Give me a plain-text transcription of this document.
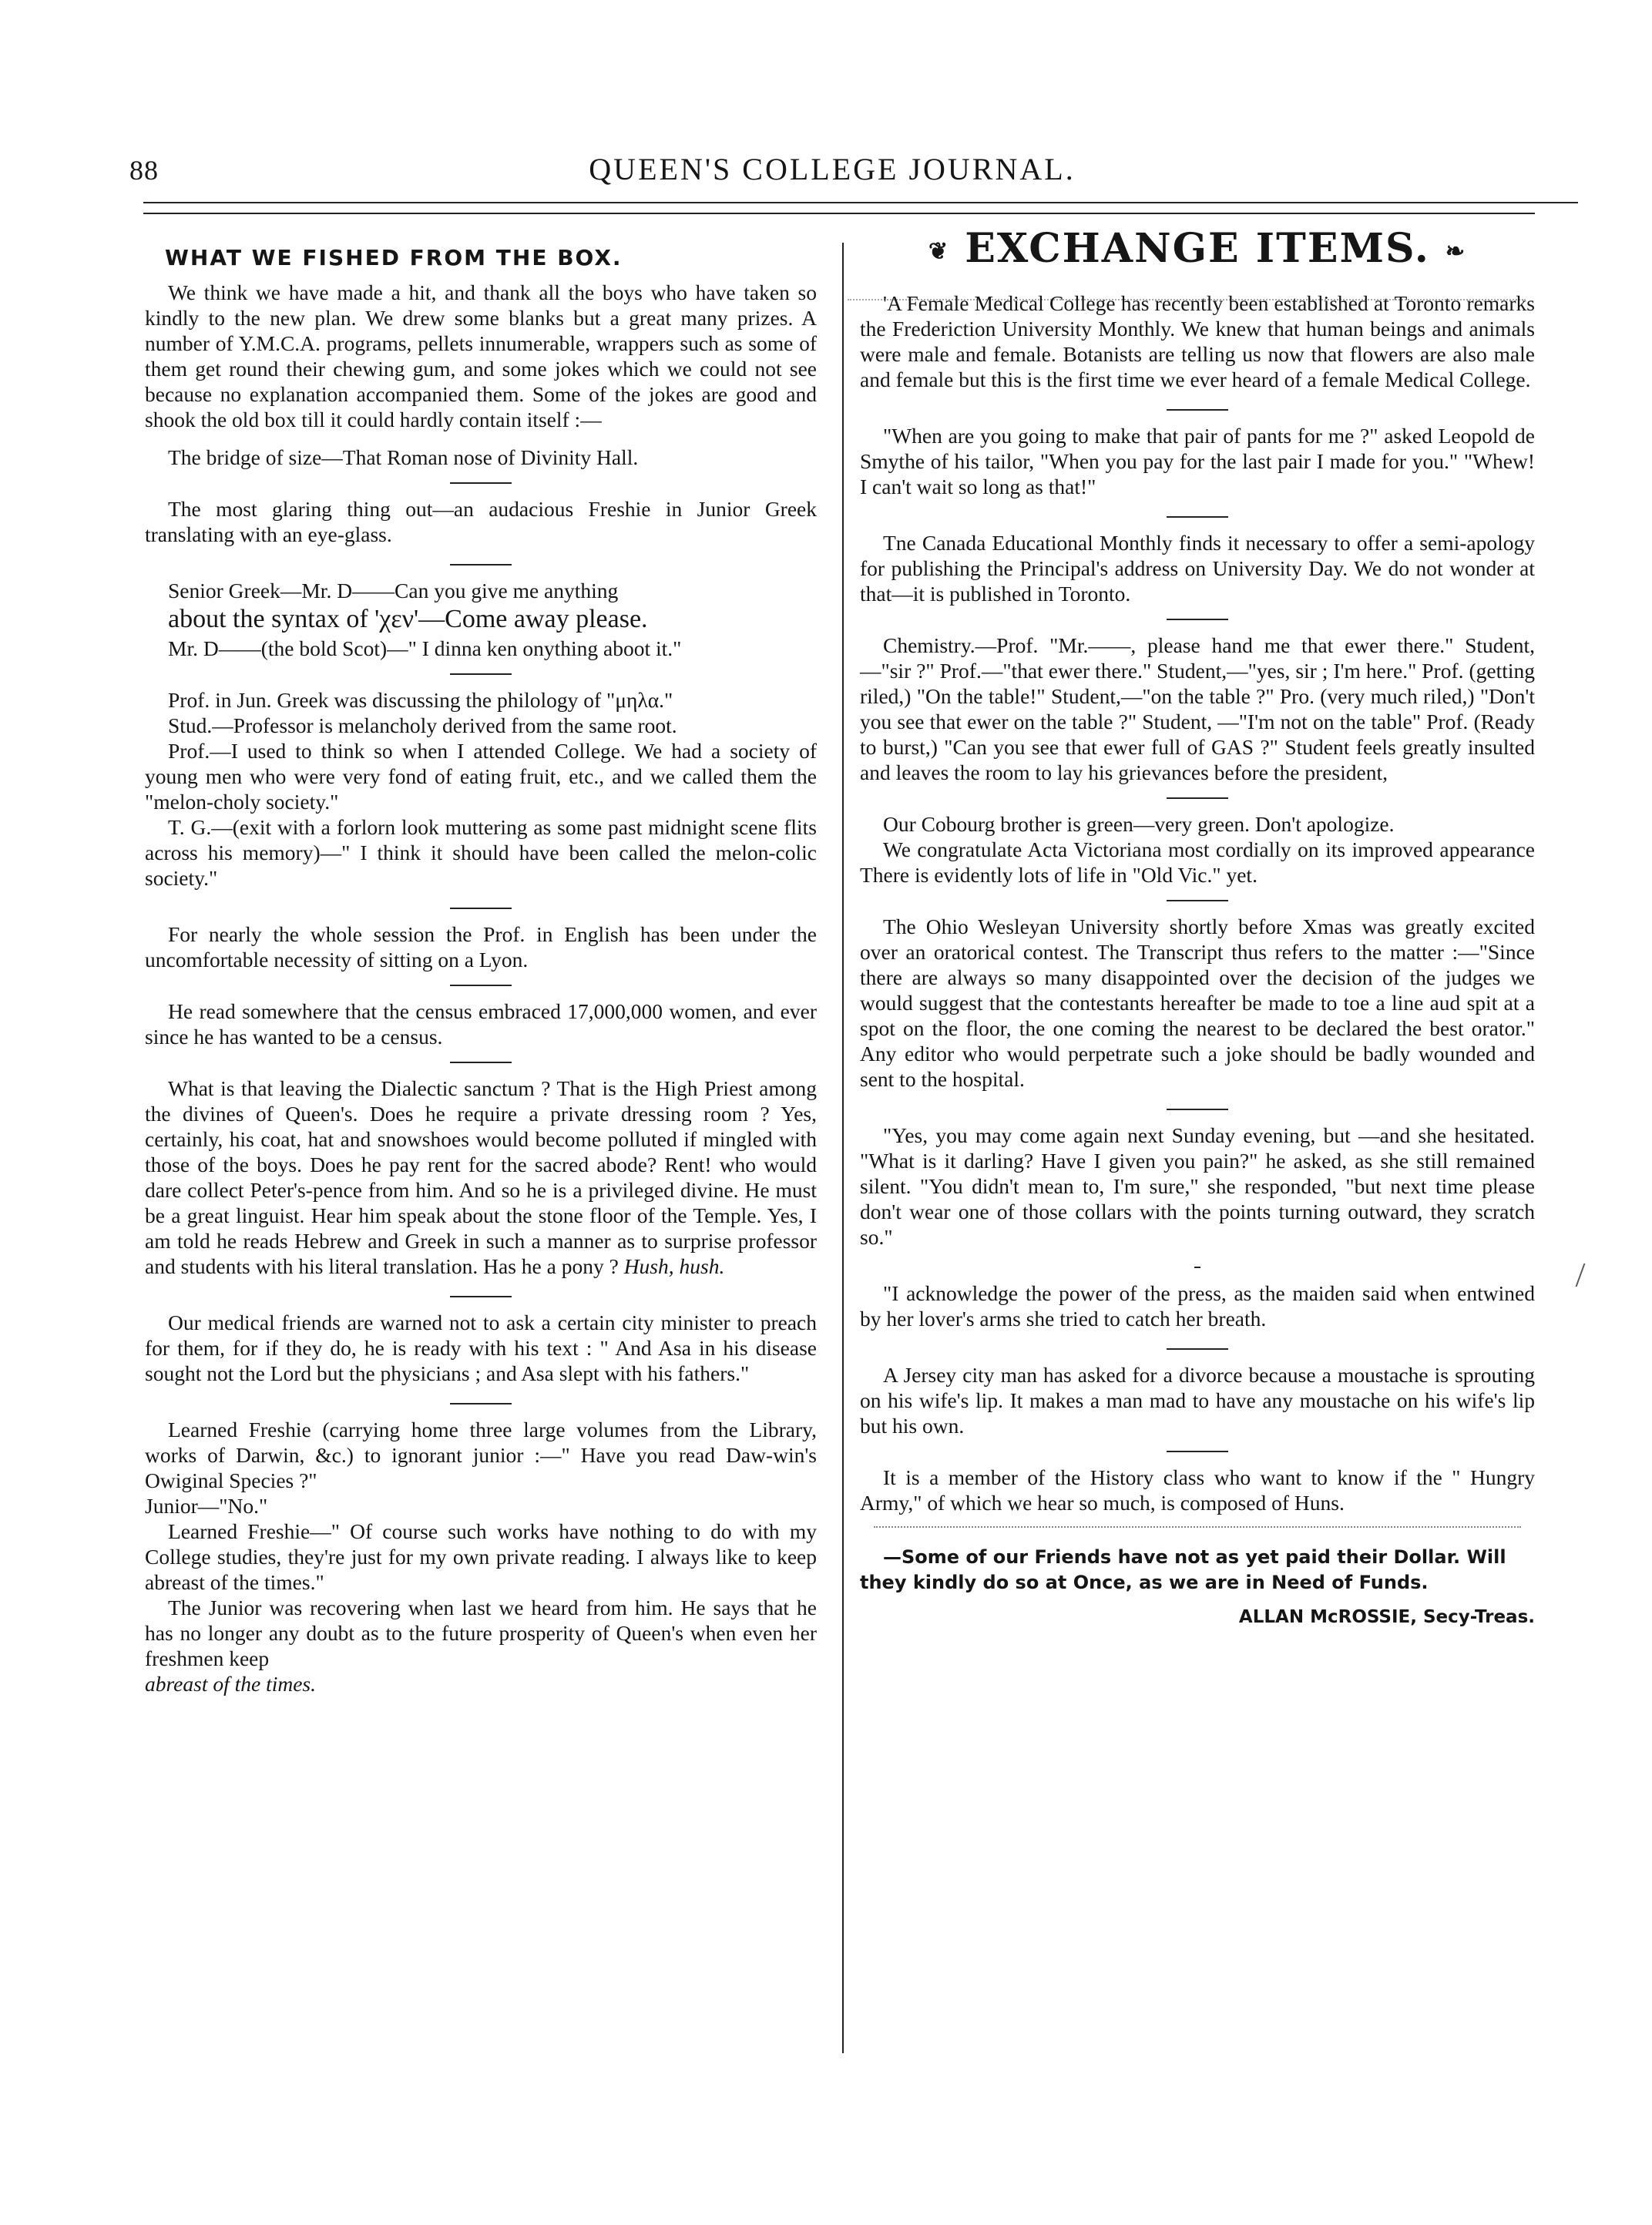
88	QUEEN'S COLLEGE JOURNAL.
WHAT WE FISHED FROM THE BOX.

We think we have made a hit, and thank all the boys who have taken so kindly to the new plan. We drew some blanks but a great many prizes. A number of Y.M.C.A. programs, pellets innumerable, wrappers such as some of them get round their chewing gum, and some jokes which we could not see because no explanation accompanied them. Some of the jokes are good and shook the old box till it could hardly contain itself :—

The bridge of size—That Roman nose of Divinity Hall.

The most glaring thing out—an audacious Freshie in Junior Greek translating with an eye-glass.

Senior Greek—Mr. D——Can you give me anything

about the syntax of 'χεν'—Come away please.

Mr. D——(the bold Scot)—" I dinna ken onything aboot it."

Prof. in Jun. Greek was discussing the philology of "μηλα."

Stud.—Professor is melancholy derived from the same root.

Prof.—I used to think so when I attended College. We had a society of young men who were very fond of eating fruit, etc., and we called them the "melon-choly society."

T. G.—(exit with a forlorn look muttering as some past midnight scene flits across his memory)—" I think it should have been called the melon-colic society."

For nearly the whole session the Prof. in English has been under the uncomfortable necessity of sitting on a Lyon.

He read somewhere that the census embraced 17,000,000 women, and ever since he has wanted to be a census.

What is that leaving the Dialectic sanctum ? That is the High Priest among the divines of Queen's. Does he require a private dressing room ? Yes, certainly, his coat, hat and snowshoes would become polluted if mingled with those of the boys. Does he pay rent for the sacred abode? Rent! who would dare collect Peter's-pence from him. And so he is a privileged divine. He must be a great linguist. Hear him speak about the stone floor of the Temple. Yes, I am told he reads Hebrew and Greek in such a manner as to surprise professor and students with his literal translation. Has he a pony ? Hush, hush.

Our medical friends are warned not to ask a certain city minister to preach for them, for if they do, he is ready with his text : " And Asa in his disease sought not the Lord but the physicians ; and Asa slept with his fathers."

Learned Freshie (carrying home three large volumes from the Library, works of Darwin, &c.) to ignorant junior :—" Have you read Daw-win's Owiginal Species ?"

Junior—"No."

Learned Freshie—" Of course such works have nothing to do with my College studies, they're just for my own private reading. I always like to keep abreast of the times."

The Junior was recovering when last we heard from him. He says that he has no longer any doubt as to the future prosperity of Queen's when even her freshmen keep

abreast of the times.

❦ EXCHANGE ITEMS. ❧

'A Female Medical College has recently been established at Toronto remarks the Frederiction University Monthly. We knew that human beings and animals were male and female. Botanists are telling us now that flowers are also male and female but this is the first time we ever heard of a female Medical College.

"When are you going to make that pair of pants for me ?" asked Leopold de Smythe of his tailor, "When you pay for the last pair I made for you." "Whew! I can't wait so long as that!"

Tne Canada Educational Monthly finds it necessary to offer a semi-apology for publishing the Principal's address on University Day. We do not wonder at that—it is published in Toronto.

Chemistry.—Prof. "Mr.——, please hand me that ewer there." Student,—"sir ?" Prof.—"that ewer there." Student,—"yes, sir ; I'm here." Prof. (getting riled,) "On the table!" Student,—"on the table ?" Pro. (very much riled,) "Don't you see that ewer on the table ?" Student, —"I'm not on the table" Prof. (Ready to burst,) "Can you see that ewer full of GAS ?" Student feels greatly insulted and leaves the room to lay his grievances before the president,

Our Cobourg brother is green—very green. Don't apologize.

We congratulate Acta Victoriana most cordially on its improved appearance There is evidently lots of life in "Old Vic." yet.

The Ohio Wesleyan University shortly before Xmas was greatly excited over an oratorical contest. The Transcript thus refers to the matter :—"Since there are always so many disappointed over the decision of the judges we would suggest that the contestants hereafter be made to toe a line aud spit at a spot on the floor, the one coming the nearest to be declared the best orator." Any editor who would perpetrate such a joke should be badly wounded and sent to the hospital.

"Yes, you may come again next Sunday evening, but —and she hesitated. "What is it darling? Have I given you pain?" he asked, as she still remained silent. "You didn't mean to, I'm sure," she responded, "but next time please don't wear one of those collars with the points turning outward, they scratch so."

"I acknowledge the power of the press, as the maiden said when entwined by her lover's arms she tried to catch her breath.

A Jersey city man has asked for a divorce because a moustache is sprouting on his wife's lip. It makes a man mad to have any moustache on his wife's lip but his own.

It is a member of the History class who want to know if the " Hungry Army," of which we hear so much, is composed of Huns.

—Some of our Friends have not as yet paid their Dollar. Will they kindly do so at Once, as we are in Need of Funds.

ALLAN McROSSIE, Secy-Treas.
